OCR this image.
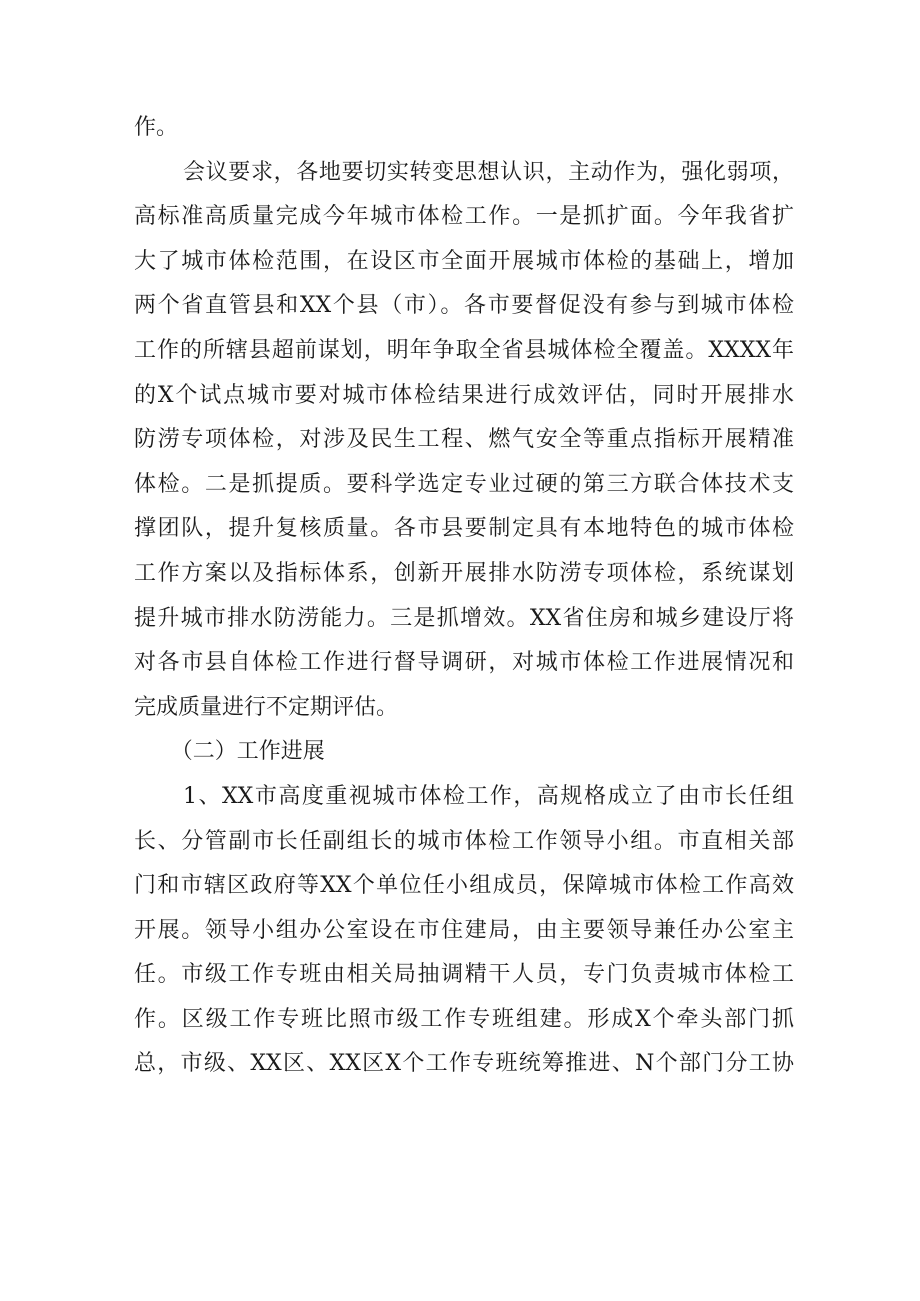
作。
会议要求，各地要切实转变思想认识，主动作为，强化弱项，
高标准高质量完成今年城市体检工作。一是抓扩面。今年我省扩
大了城市体检范围，在设区市全面开展城市体检的基础上，增加
两个省直管县和XX个县（市）。各市要督促没有参与到城市体检
工作的所辖县超前谋划，明年争取全省县城体检全覆盖。XXXX年
的X个试点城市要对城市体检结果进行成效评估，同时开展排水
防涝专项体检，对涉及民生工程、燃气安全等重点指标开展精准
体检。二是抓提质。要科学选定专业过硬的第三方联合体技术支
撑团队，提升复核质量。各市县要制定具有本地特色的城市体检
工作方案以及指标体系，创新开展排水防涝专项体检，系统谋划
提升城市排水防涝能力。三是抓增效。XX省住房和城乡建设厅将
对各市县自体检工作进行督导调研，对城市体检工作进展情况和
完成质量进行不定期评估。
（二）工作进展
1、XX市高度重视城市体检工作，高规格成立了由市长任组
长、分管副市长任副组长的城市体检工作领导小组。市直相关部
门和市辖区政府等XX个单位任小组成员，保障城市体检工作高效
开展。领导小组办公室设在市住建局，由主要领导兼任办公室主
任。市级工作专班由相关局抽调精干人员，专门负责城市体检工
作。区级工作专班比照市级工作专班组建。形成X个牵头部门抓
总，市级、XX区、XX区X个工作专班统筹推进、N个部门分工协
